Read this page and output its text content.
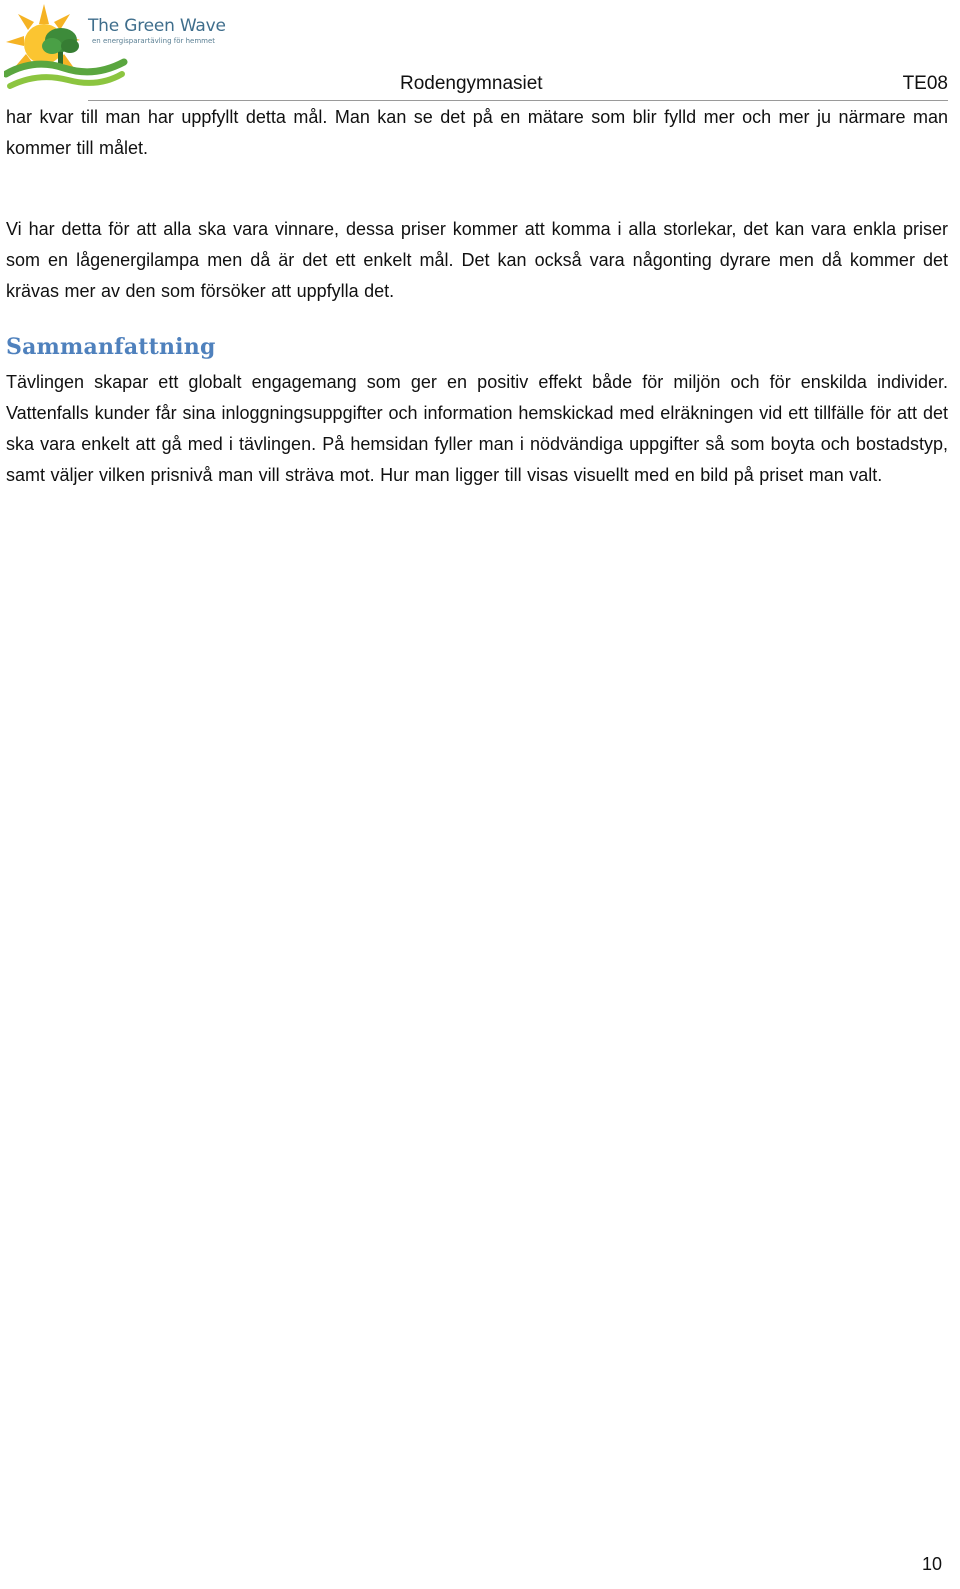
The Green Wave
en energisparartävling för hemmet
Rodengymnasiet	TE08

har kvar till man har uppfyllt detta mål. Man kan se det på en mätare som blir fylld mer och mer ju närmare man kommer till målet.

Vi har detta för att alla ska vara vinnare, dessa priser kommer att komma i alla storlekar, det kan vara enkla priser som en lågenergilampa men då är det ett enkelt mål. Det kan också vara någonting dyrare men då kommer det krävas mer av den som försöker att uppfylla det.

Sammanfattning

Tävlingen skapar ett globalt engagemang som ger en positiv effekt både för miljön och för enskilda individer. Vattenfalls kunder får sina inloggningsuppgifter och information hemskickad med elräkningen vid ett tillfälle för att det ska vara enkelt att gå med i tävlingen. På hemsidan fyller man i nödvändiga uppgifter så som boyta och bostadstyp, samt väljer vilken prisnivå man vill sträva mot. Hur man ligger till visas visuellt med en bild på priset man valt.

10
